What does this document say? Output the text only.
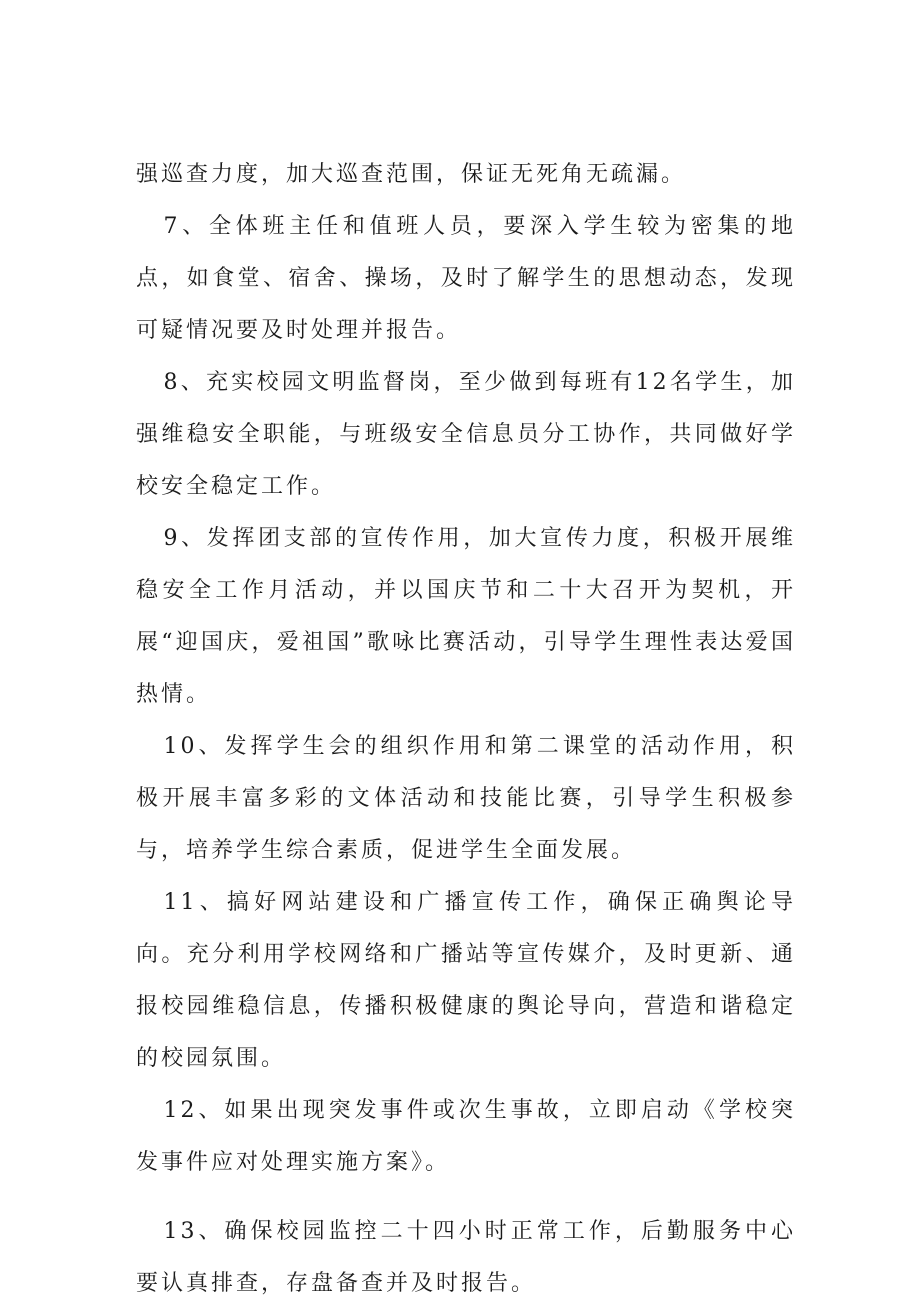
强巡查力度，加大巡查范围，保证无死角无疏漏。

7、全体班主任和值班人员，要深入学生较为密集的地点，如食堂、宿舍、操场，及时了解学生的思想动态，发现可疑情况要及时处理并报告。

8、充实校园文明监督岗，至少做到每班有12名学生，加强维稳安全职能，与班级安全信息员分工协作，共同做好学校安全稳定工作。

9、发挥团支部的宣传作用，加大宣传力度，积极开展维稳安全工作月活动，并以国庆节和二十大召开为契机，开展“迎国庆，爱祖国”歌咏比赛活动，引导学生理性表达爱国热情。

10、发挥学生会的组织作用和第二课堂的活动作用，积极开展丰富多彩的文体活动和技能比赛，引导学生积极参与，培养学生综合素质，促进学生全面发展。

11、搞好网站建设和广播宣传工作，确保正确舆论导向。充分利用学校网络和广播站等宣传媒介，及时更新、通报校园维稳信息，传播积极健康的舆论导向，营造和谐稳定的校园氛围。

12、如果出现突发事件或次生事故，立即启动《学校突发事件应对处理实施方案》。

13、确保校园监控二十四小时正常工作，后勤服务中心要认真排查，存盘备查并及时报告。
